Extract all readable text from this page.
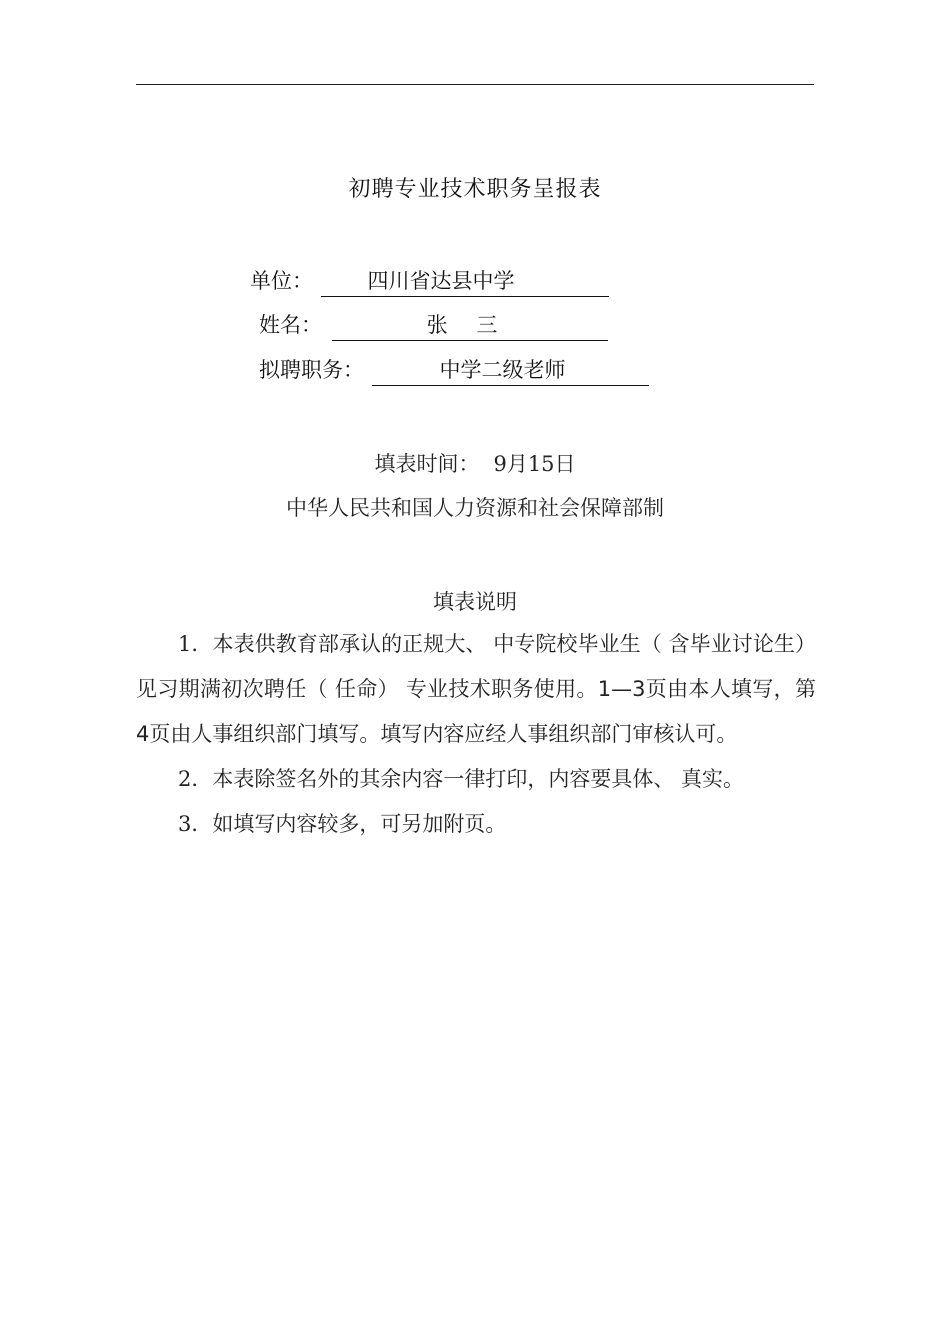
初聘专业技术职务呈报表
单位：	四川省达县中学
姓名：	张 三
拟聘职务：	中学二级老师
填表时间： 9月15日
中华人民共和国人力资源和社会保障部制
填表说明

1．本表供教育部承认的正规大、 中专院校毕业生（ 含毕业讨论生） 见习期满初次聘任（ 任命） 专业技术职务使用。1—3页由本人填写，第4页由人事组织部门填写。填写内容应经人事组织部门审核认可。

2．本表除签名外的其余内容一律打印，内容要具体、 真实。

3．如填写内容较多，可另加附页。
